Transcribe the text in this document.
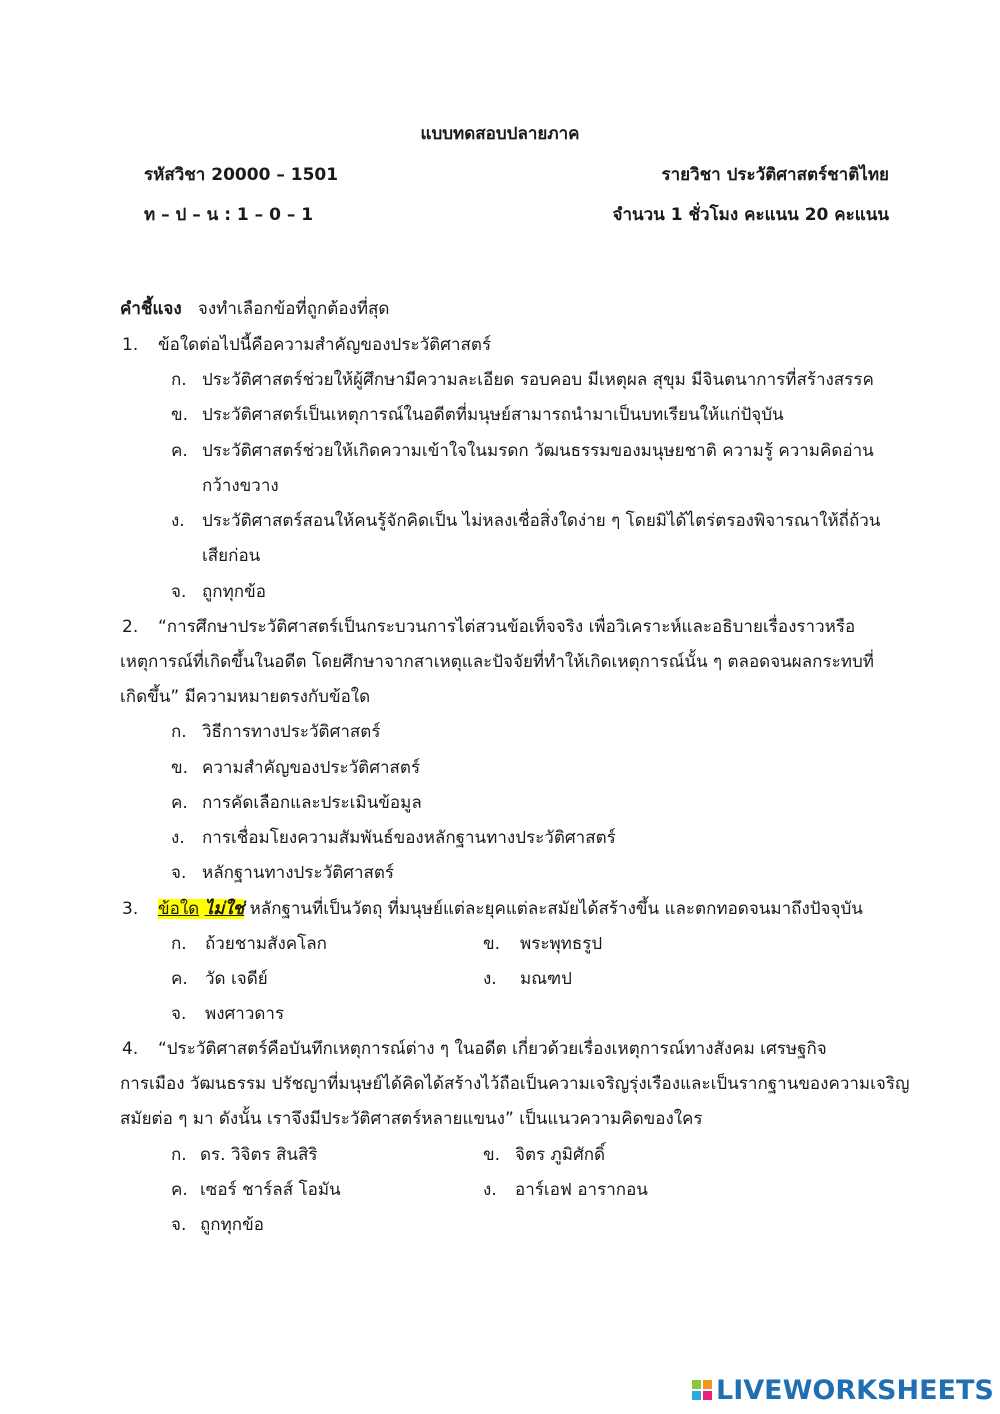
แบบทดสอบปลายภาค
รหัสวิชา 20000 – 1501	รายวิชา ประวัติศาสตร์ชาติไทย
ท – ป – น : 1 – 0 – 1	จำนวน 1 ชั่วโมง คะแนน 20 คะแนน
คำชี้แจง จงทำเลือกข้อที่ถูกต้องที่สุด
1. ข้อใดต่อไปนี้คือความสำคัญของประวัติศาสตร์
ก. ประวัติศาสตร์ช่วยให้ผู้ศึกษามีความละเอียด รอบคอบ มีเหตุผล สุขุม มีจินตนาการที่สร้างสรรค
ข. ประวัติศาสตร์เป็นเหตุการณ์ในอดีตที่มนุษย์สามารถนำมาเป็นบทเรียนให้แก่ปัจุบัน
ค. ประวัติศาสตร์ช่วยให้เกิดความเข้าใจในมรดก วัฒนธรรมของมนุษยชาติ ความรู้ ความคิดอ่าน
กว้างขวาง
ง. ประวัติศาสตร์สอนให้คนรู้จักคิดเป็น ไม่หลงเชื่อสิ่งใดง่าย ๆ โดยมิได้ไตร่ตรองพิจารณาให้ถี่ถ้วน
เสียก่อน
จ. ถูกทุกข้อ
2. “การศึกษาประวัติศาสตร์เป็นกระบวนการไต่สวนข้อเท็จจริง เพื่อวิเคราะห์และอธิบายเรื่องราวหรือ
เหตุการณ์ที่เกิดขึ้นในอดีต โดยศึกษาจากสาเหตุและปัจจัยที่ทำให้เกิดเหตุการณ์นั้น ๆ ตลอดจนผลกระทบที่
เกิดขึ้น” มีความหมายตรงกับข้อใด
ก. วิธีการทางประวัติศาสตร์
ข. ความสำคัญของประวัติศาสตร์
ค. การคัดเลือกและประเมินข้อมูล
ง. การเชื่อมโยงความสัมพันธ์ของหลักฐานทางประวัติศาสตร์
จ. หลักฐานทางประวัติศาสตร์
3. ข้อใด ไม่ใช่ หลักฐานที่เป็นวัตถุ ที่มนุษย์แต่ละยุคแต่ละสมัยได้สร้างขึ้น และตกทอดจนมาถึงปัจจุบัน
ก. ถ้วยชามสังคโลก	ข. พระพุทธรูป
ค. วัด เจดีย์	ง. มณฑป
จ. พงศาวดาร
4. “ประวัติศาสตร์คือบันทึกเหตุการณ์ต่าง ๆ ในอดีต เกี่ยวด้วยเรื่องเหตุการณ์ทางสังคม เศรษฐกิจ
การเมือง วัฒนธรรม ปรัชญาที่มนุษย์ได้คิดได้สร้างไว้ถือเป็นความเจริญรุ่งเรืองและเป็นรากฐานของความเจริญ
สมัยต่อ ๆ มา ดังนั้น เราจึงมีประวัติศาสตร์หลายแขนง” เป็นแนวความคิดของใคร
ก. ดร. วิจิตร สินสิริ	ข. จิตร ภูมิศักดิ์
ค. เซอร์ ชาร์ลส์ โอมัน	ง. อาร์เอฟ อารากอน
จ. ถูกทุกข้อ
LIVEWORKSHEETS
